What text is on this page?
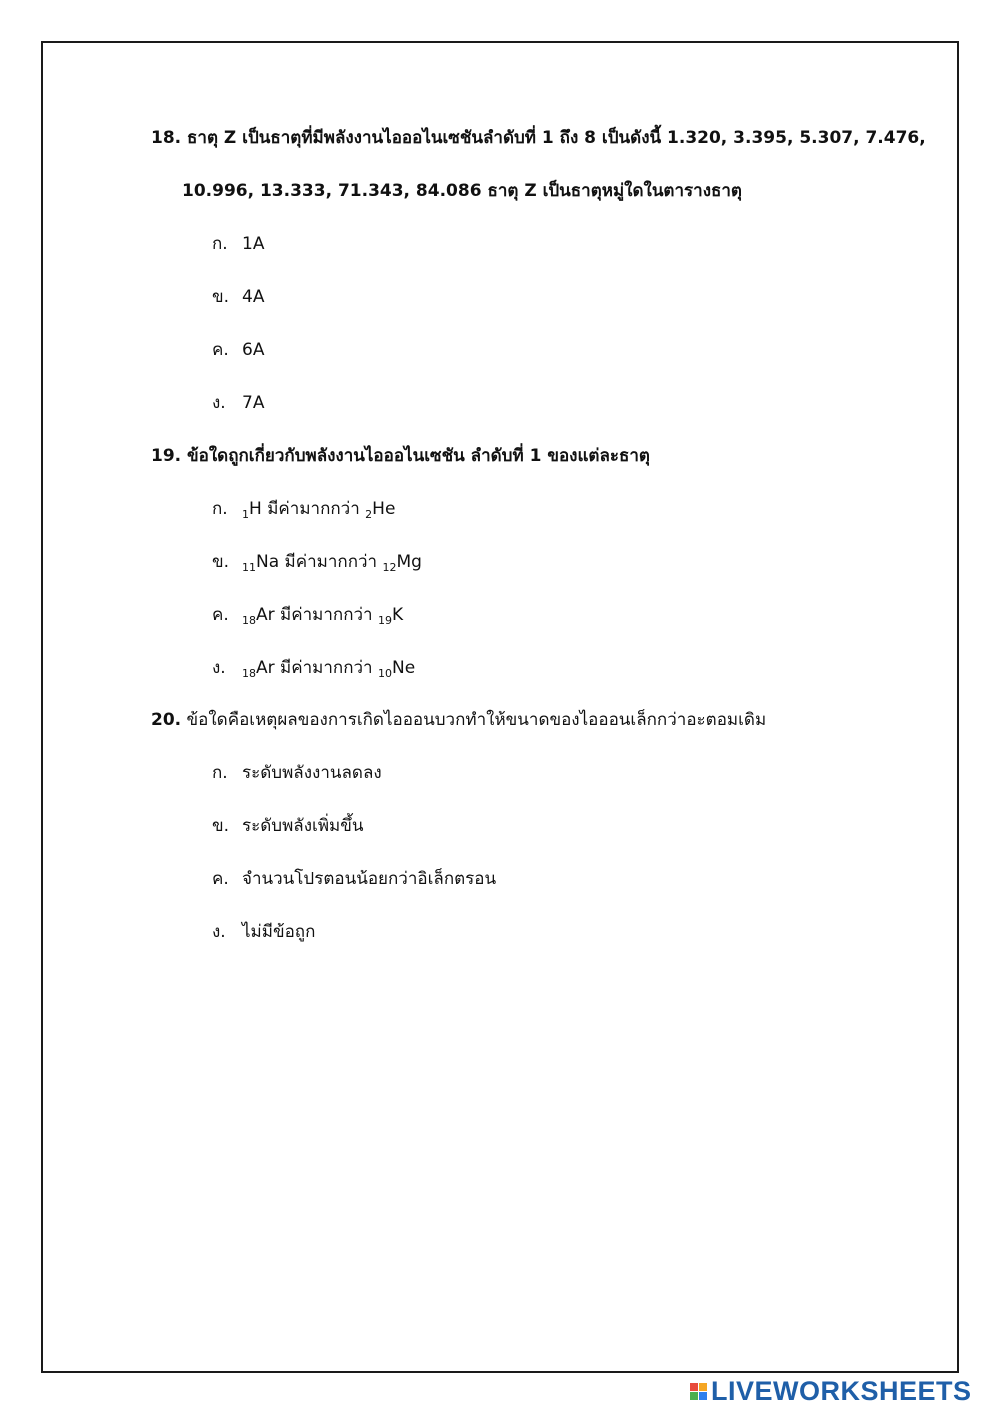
18. ธาตุ Z เป็นธาตุที่มีพลังงานไอออไนเซชันลำดับที่ 1 ถึง 8 เป็นดังนี้ 1.320, 3.395, 5.307, 7.476,
10.996, 13.333, 71.343, 84.086 ธาตุ Z เป็นธาตุหมู่ใดในตารางธาตุ
ก. 1A
ข. 4A
ค. 6A
ง. 7A
19. ข้อใดถูกเกี่ยวกับพลังงานไอออไนเซชัน ลำดับที่ 1 ของแต่ละธาตุ
ก. $_1$H มีค่ามากกว่า $_2$He
ข. $_{11}$Na มีค่ามากกว่า $_{12}$Mg
ค. $_{18}$Ar มีค่ามากกว่า $_{19}$K
ง. $_{18}$Ar มีค่ามากกว่า $_{10}$Ne
20. ข้อใดคือเหตุผลของการเกิดไอออนบวกทำให้ขนาดของไอออนเล็กกว่าอะตอมเดิม
ก. ระดับพลังงานลดลง
ข. ระดับพลังเพิ่มขึ้น
ค. จำนวนโปรตอนน้อยกว่าอิเล็กตรอน
ง. ไม่มีข้อถูก
LIVEWORKSHEETS
